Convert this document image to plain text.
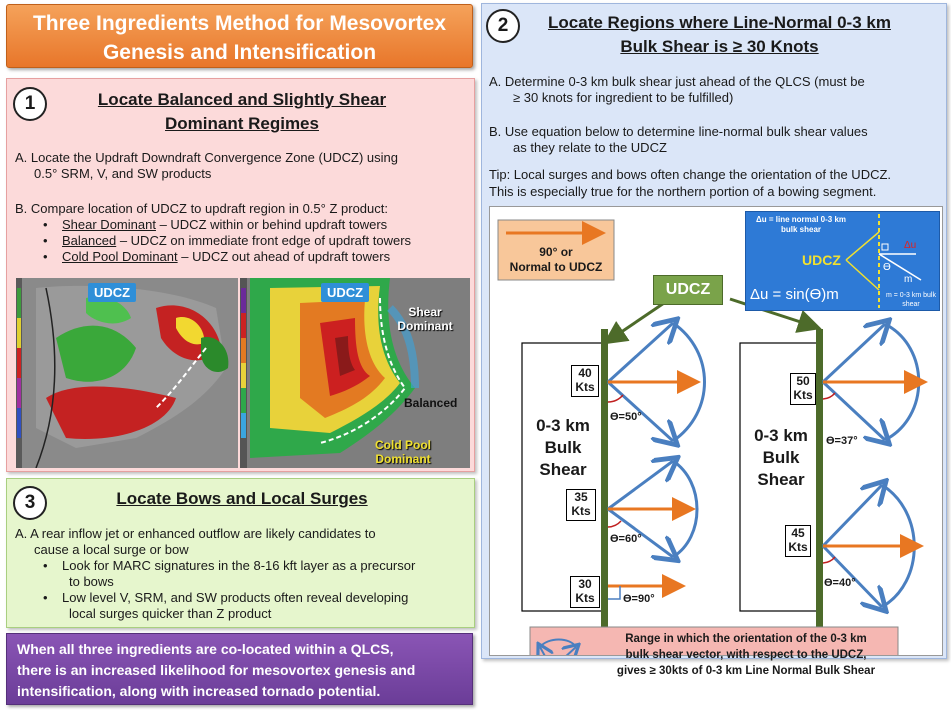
Three Ingredients Method for Mesovortex
Genesis and Intensification
1	Locate Balanced and Slightly Shear
Dominant Regimes
A. Locate the Updraft Downdraft Convergence Zone (UDCZ) using
0.5° SRM, V, and SW products
B. Compare location of UDCZ to updraft region in 0.5° Z product:
•    Shear Dominant – UDCZ within or behind updraft towers
•    Balanced – UDCZ on immediate front edge of updraft towers
•    Cold Pool Dominant – UDCZ out ahead of updraft towers
UDCZ	UDCZ
Shear
Dominant
Balanced
Cold Pool
Dominant
3	Locate Bows and Local Surges
A. A rear inflow jet or enhanced outflow are likely candidates to
cause a local surge or bow
•    Look for MARC signatures in the 8-16 kft layer as a precursor
to bows
•    Low level V, SRM, and SW products often reveal developing
local surges quicker than Z product
When all three ingredients are co-located within a QLCS,
there is an increased likelihood for mesovortex genesis and
intensification, along with increased tornado potential.
2	Locate Regions where Line-Normal 0-3 km
Bulk Shear is ≥ 30 Knots
A. Determine 0-3 km bulk shear just ahead of the QLCS (must be
≥ 30 knots for ingredient to be fulfilled)
B. Use equation below to determine line-normal bulk shear values
as they relate to the UDCZ
Tip: Local surges and bows often change the orientation of the UDCZ.
This is especially true for the northern portion of a bowing segment.
90° or
Normal to UDCZ
UDCZ
Δu = line normal 0-3 km bulk shear
UDCZ
Δu
ϴ
m
Δu = sin(ϴ)m	m = 0-3 km bulk shear
0-3 km
Bulk
Shear
0-3 km
Bulk
Shear
40
Kts
35
Kts
30
Kts
ϴ=50°
ϴ=60°
ϴ=90°
50
Kts
45
Kts
ϴ=37°
ϴ=40°
Range in which the orientation of the 0-3 km
bulk shear vector, with respect to the UDCZ,
gives ≥ 30kts of 0-3 km Line Normal Bulk Shear
